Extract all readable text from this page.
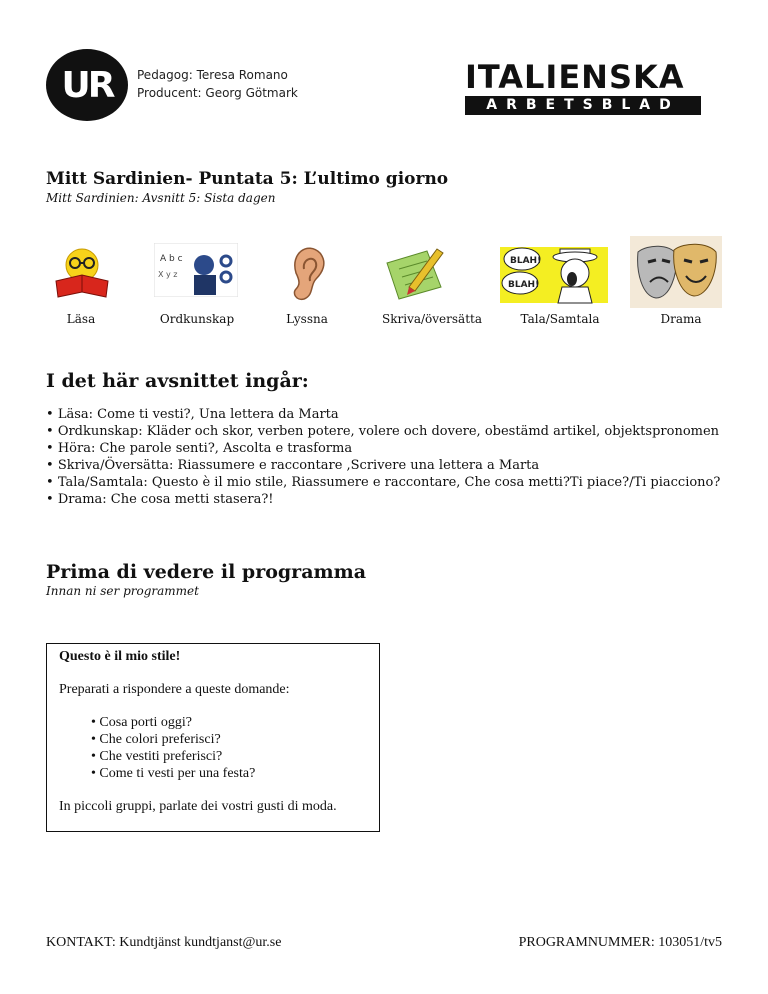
UR Pedagog: Teresa Romano
Producent: Georg Götmark	ITALIENSKA
ARBETSBLAD
Mitt Sardinien- Puntata 5: L’ultimo giorno
Mitt Sardinien: Avsnitt 5: Sista dagen
A b c
X y z
BLAH!
BLAH!
Läsa	Ordkunskap	Lyssna	Skriva/översätta	Tala/Samtala	Drama
I det här avsnittet ingår:
• Läsa: Come ti vesti?, Una lettera da Marta
• Ordkunskap: Kläder och skor, verben potere, volere och dovere, obestämd artikel, objektspronomen
• Höra: Che parole senti?, Ascolta e trasforma
• Skriva/Översätta: Riassumere e raccontare ,Scrivere una lettera a Marta
• Tala/Samtala: Questo è il mio stile, Riassumere e raccontare, Che cosa metti?Ti piace?/Ti piacciono?
• Drama: Che cosa metti stasera?!
Prima di vedere il programma
Innan ni ser programmet
Questo è il mio stile!
Preparati a rispondere a queste domande:
• Cosa porti oggi?
• Che colori preferisci?
• Che vestiti preferisci?
• Come ti vesti per una festa?
In piccoli gruppi, parlate dei vostri gusti di moda.
KONTAKT: Kundtjänst kundtjanst@ur.se	PROGRAMNUMMER: 103051/tv5
